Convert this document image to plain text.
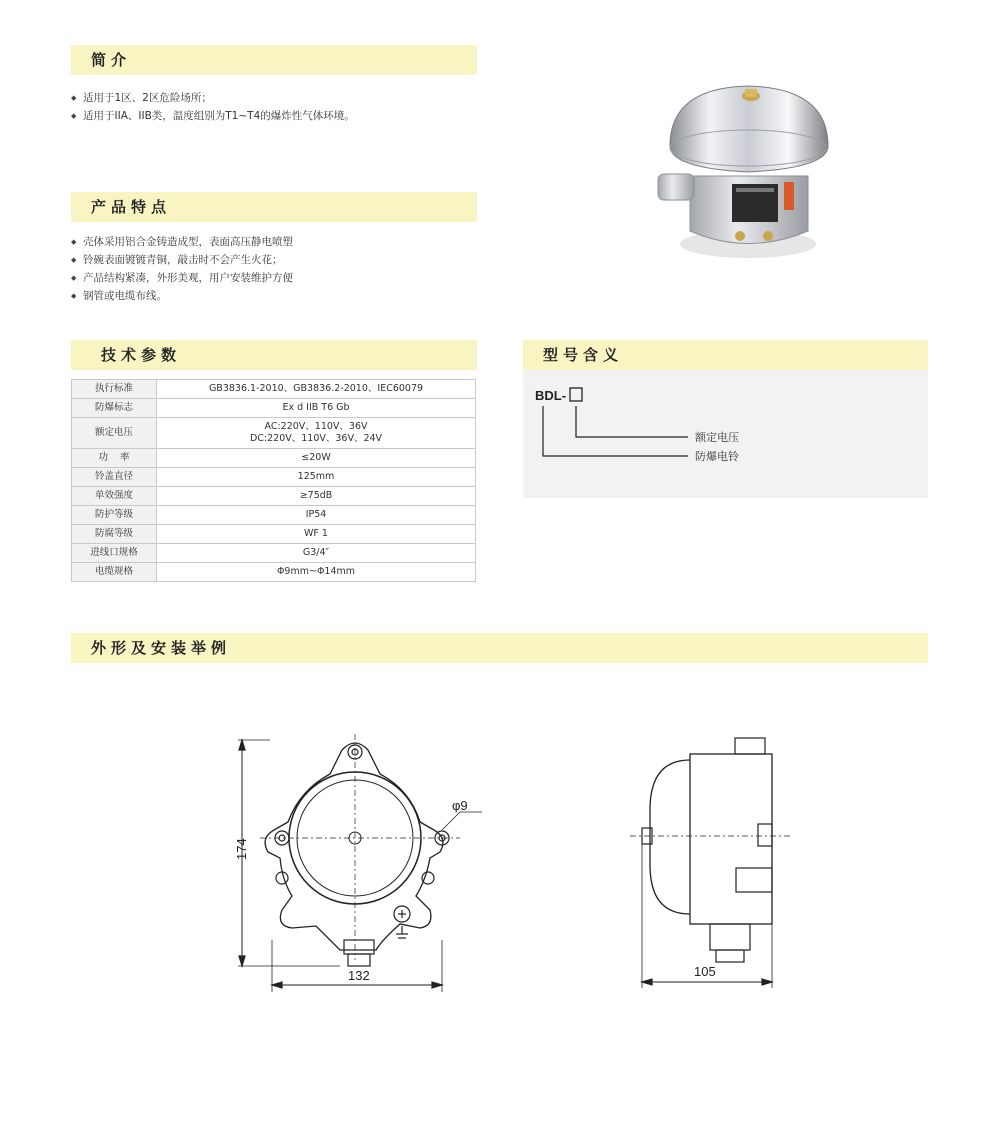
简介
◆ 适用于1区、2区危险场所；
◆ 适用于IIA、IIB类，温度组别为T1~T4的爆炸性气体环境。
产品特点
◆ 壳体采用铝合金铸造成型，表面高压静电喷塑
◆ 铃碗表面镀镀青铜，敲击时不会产生火花；
◆ 产品结构紧凑，外形美观，用户安装维护方便
◆ 钢管或电缆布线。
技术参数
执行标准	GB3836.1-2010、GB3836.2-2010、IEC60079
防爆标志	Ex d IIB T6 Gb
额定电压	AC:220V、110V、36V
DC:220V、110V、36V、24V

功    率	≤20W
铃盖直径	125mm
单效强度	≥75dB
防护等级	IP54
防腐等级	WF 1
进线口规格	G3/4″
电缆规格	Φ9mm~Φ14mm
型号含义
BDL-
□
额定电压
防爆电铃
外形及安装举例
174
132
φ9
105
